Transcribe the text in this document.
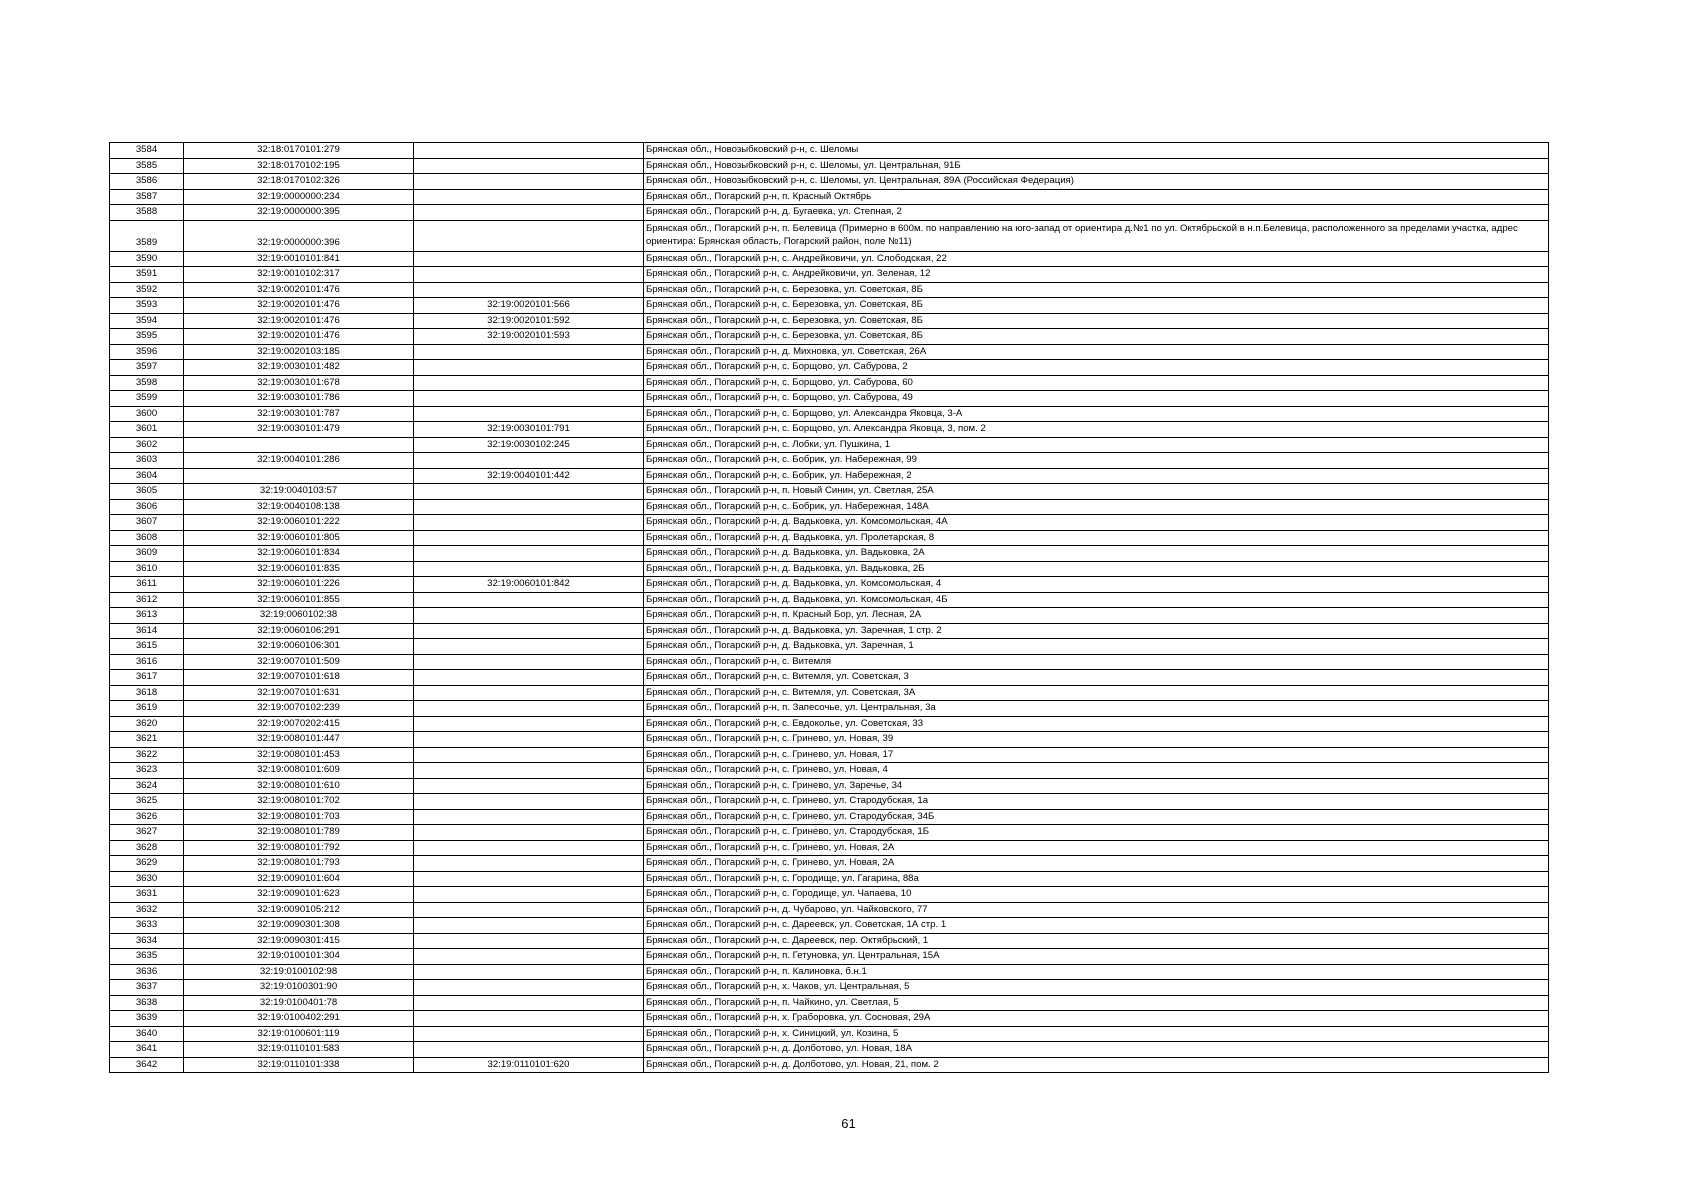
3584	32:18:0170101:279		Брянская обл., Новозыбковский р-н, с. Шеломы
3585	32:18:0170102:195		Брянская обл., Новозыбковский р-н, с. Шеломы, ул. Центральная, 91Б
3586	32:18:0170102:326		Брянская обл., Новозыбковский р-н, с. Шеломы, ул. Центральная, 89А (Российская Федерация)
3587	32:19:0000000:234		Брянская обл., Погарский р-н, п. Красный Октябрь
3588	32:19:0000000:395		Брянская обл., Погарский р-н, д. Бугаевка, ул. Степная, 2
3589	32:19:0000000:396		Брянская обл., Погарский р-н, п. Белевица (Примерно в 600м. по направлению на юго-запад от ориентира д.№1 по ул. Октябрьской в н.п.Белевица, расположенного за пределами участка, адрес ориентира: Брянская область, Погарский район, поле №11)
3590	32:19:0010101:841		Брянская обл., Погарский р-н, с. Андрейковичи, ул. Слободская, 22
3591	32:19:0010102:317		Брянская обл., Погарский р-н, с. Андрейковичи, ул. Зеленая, 12
3592	32:19:0020101:476		Брянская обл., Погарский р-н, с. Березовка, ул. Советская, 8Б
3593	32:19:0020101:476	32:19:0020101:566	Брянская обл., Погарский р-н, с. Березовка, ул. Советская, 8Б
3594	32:19:0020101:476	32:19:0020101:592	Брянская обл., Погарский р-н, с. Березовка, ул. Советская, 8Б
3595	32:19:0020101:476	32:19:0020101:593	Брянская обл., Погарский р-н, с. Березовка, ул. Советская, 8Б
3596	32:19:0020103:185		Брянская обл., Погарский р-н, д. Михновка, ул. Советская, 26А
3597	32:19:0030101:482		Брянская обл., Погарский р-н, с. Борщово, ул. Сабурова, 2
3598	32:19:0030101:678		Брянская обл., Погарский р-н, с. Борщово, ул. Сабурова, 60
3599	32:19:0030101:786		Брянская обл., Погарский р-н, с. Борщово, ул. Сабурова, 49
3600	32:19:0030101:787		Брянская обл., Погарский р-н, с. Борщово, ул. Александра Яковца, 3-А
3601	32:19:0030101:479	32:19:0030101:791	Брянская обл., Погарский р-н, с. Борщово, ул. Александра Яковца, 3, пом. 2
3602		32:19:0030102:245	Брянская обл., Погарский р-н, с. Лобки, ул. Пушкина, 1
3603	32:19:0040101:286		Брянская обл., Погарский р-н, с. Бобрик, ул. Набережная, 99
3604		32:19:0040101:442	Брянская обл., Погарский р-н, с. Бобрик, ул. Набережная, 2
3605	32:19:0040103:57		Брянская обл., Погарский р-н, п. Новый Синин, ул. Светлая, 25А
3606	32:19:0040108:138		Брянская обл., Погарский р-н, с. Бобрик, ул. Набережная, 148А
3607	32:19:0060101:222		Брянская обл., Погарский р-н, д. Вадьковка, ул. Комсомольская, 4А
3608	32:19:0060101:805		Брянская обл., Погарский р-н, д. Вадьковка, ул. Пролетарская, 8
3609	32:19:0060101:834		Брянская обл., Погарский р-н, д. Вадьковка, ул. Вадьковка, 2А
3610	32:19:0060101:835		Брянская обл., Погарский р-н, д. Вадьковка, ул. Вадьковка, 2Б
3611	32:19:0060101:226	32:19:0060101:842	Брянская обл., Погарский р-н, д. Вадьковка, ул. Комсомольская, 4
3612	32:19:0060101:855		Брянская обл., Погарский р-н, д. Вадьковка, ул. Комсомольская, 4Б
3613	32:19:0060102:38		Брянская обл., Погарский р-н, п. Красный Бор, ул. Лесная, 2А
3614	32:19:0060106:291		Брянская обл., Погарский р-н, д. Вадьковка, ул. Заречная, 1 стр. 2
3615	32:19:0060106:301		Брянская обл., Погарский р-н, д. Вадьковка, ул. Заречная, 1
3616	32:19:0070101:509		Брянская обл., Погарский р-н, с. Витемля
3617	32:19:0070101:618		Брянская обл., Погарский р-н, с. Витемля, ул. Советская, 3
3618	32:19:0070101:631		Брянская обл., Погарский р-н, с. Витемля, ул. Советская, 3А
3619	32:19:0070102:239		Брянская обл., Погарский р-н, п. Запесочье, ул. Центральная, 3а
3620	32:19:0070202:415		Брянская обл., Погарский р-н, с. Евдокольe, ул. Советская, 33
3621	32:19:0080101:447		Брянская обл., Погарский р-н, с. Гринево, ул. Новая, 39
3622	32:19:0080101:453		Брянская обл., Погарский р-н, с. Гринево, ул. Новая, 17
3623	32:19:0080101:609		Брянская обл., Погарский р-н, с. Гринево, ул. Новая, 4
3624	32:19:0080101:610		Брянская обл., Погарский р-н, с. Гринево, ул. Заречье, 34
3625	32:19:0080101:702		Брянская обл., Погарский р-н, с. Гринево, ул. Стародубская, 1а
3626	32:19:0080101:703		Брянская обл., Погарский р-н, с. Гринево, ул. Стародубская, 34Б
3627	32:19:0080101:789		Брянская обл., Погарский р-н, с. Гринево, ул. Стародубская, 1Б
3628	32:19:0080101:792		Брянская обл., Погарский р-н, с. Гринево, ул. Новая, 2А
3629	32:19:0080101:793		Брянская обл., Погарский р-н, с. Гринево, ул. Новая, 2А
3630	32:19:0090101:604		Брянская обл., Погарский р-н, с. Городище, ул. Гагарина, 88а
3631	32:19:0090101:623		Брянская обл., Погарский р-н, с. Городище, ул. Чапаева, 10
3632	32:19:0090105:212		Брянская обл., Погарский р-н, д. Чубарово, ул. Чайковского, 77
3633	32:19:0090301:308		Брянская обл., Погарский р-н, с. Дареевск, ул. Советская, 1А стр. 1
3634	32:19:0090301:415		Брянская обл., Погарский р-н, с. Дареевск, пер. Октябрьский, 1
3635	32:19:0100101:304		Брянская обл., Погарский р-н, п. Гетуновка, ул. Центральная, 15А
3636	32:19:0100102:98		Брянская обл., Погарский р-н, п. Калиновка, б.н.1
3637	32:19:0100301:90		Брянская обл., Погарский р-н, х. Чаков, ул. Центральная, 5
3638	32:19:0100401:78		Брянская обл., Погарский р-н, п. Чайкино, ул. Светлая, 5
3639	32:19:0100402:291		Брянская обл., Погарский р-н, х. Граборовка, ул. Сосновая, 29А
3640	32:19:0100601:119		Брянская обл., Погарский р-н, х. Синицкий, ул. Козина, 5
3641	32:19:0110101:583		Брянская обл., Погарский р-н, д. Долботово, ул. Новая, 18А
3642	32:19:0110101:338	32:19:0110101:620	Брянская обл., Погарский р-н, д. Долботово, ул. Новая, 21, пом. 2
61
